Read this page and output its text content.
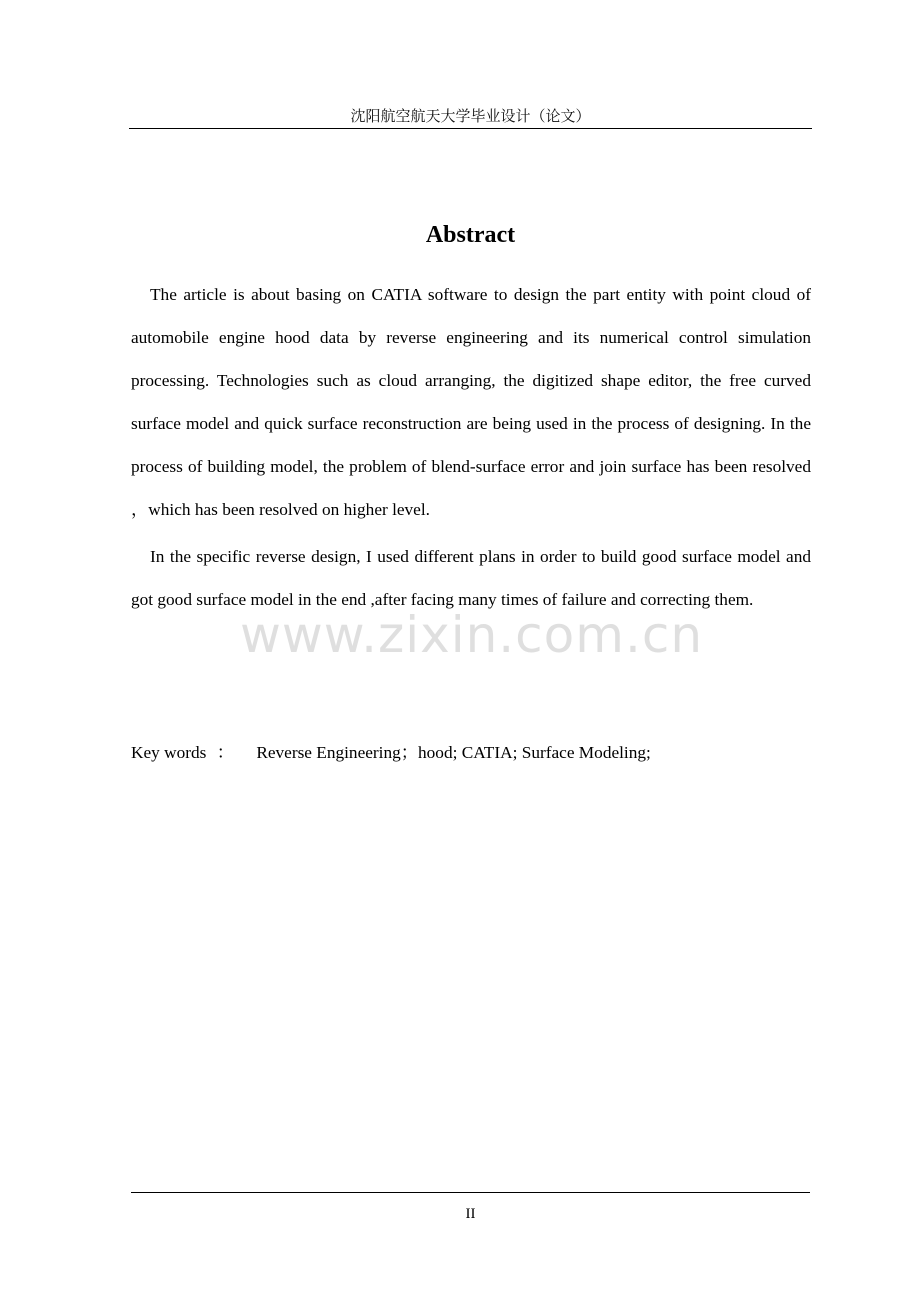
沈阳航空航天大学毕业设计（论文）
Abstract

The article is about basing on CATIA software to design the part entity with point cloud of automobile engine hood data by reverse engineering and its numerical control simulation processing. Technologies such as cloud arranging, the digitized shape editor, the free curved surface model and quick surface reconstruction are being used in the process of designing. In the process of building model, the problem of blend-surface error and join surface has been resolved ，which has been resolved on higher level.

In the specific reverse design, I used different plans in order to build good surface model and got good surface model in the end ,after facing many times of failure and correcting them.

www.zixin.com.cn
Key words ： Reverse Engineering；hood; CATIA; Surface Modeling;
II
